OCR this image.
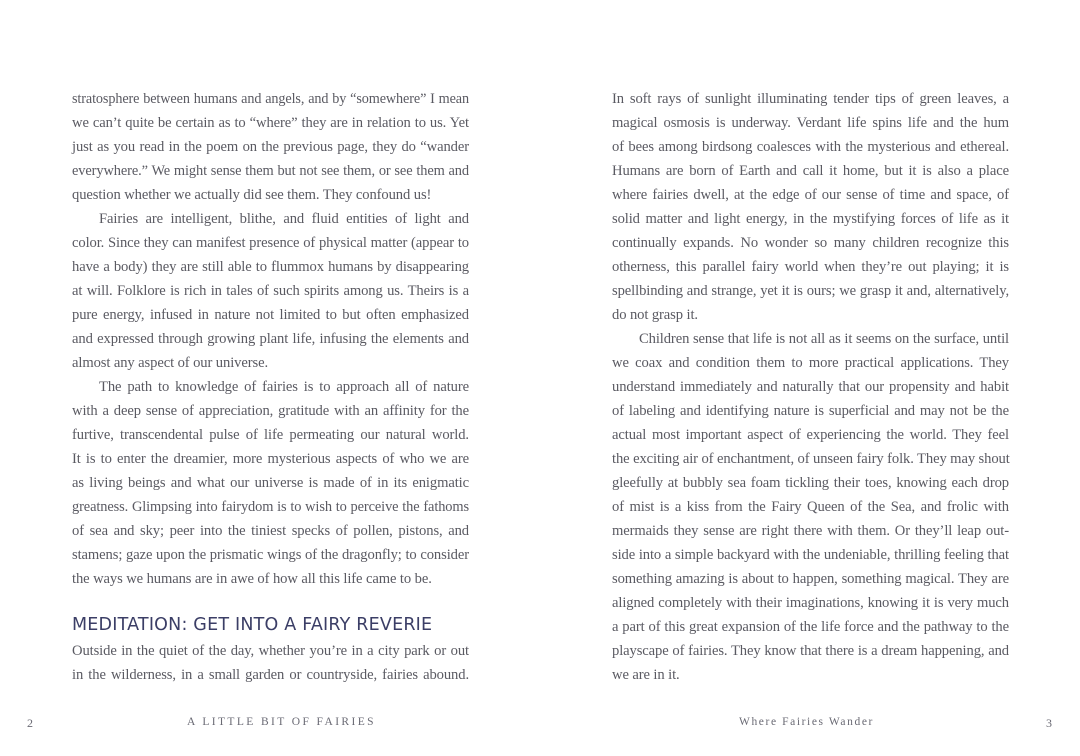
stratosphere between humans and angels, and by “somewhere” I mean
we can’t quite be certain as to “where” they are in relation to us. Yet
just as you read in the poem on the previous page, they do “wander
everywhere.” We might sense them but not see them, or see them and
question whether we actually did see them. They confound us!
Fairies are intelligent, blithe, and fluid entities of light and
color. Since they can manifest presence of physical matter (appear to
have a body) they are still able to flummox humans by disappearing
at will. Folklore is rich in tales of such spirits among us. Theirs is a
pure energy, infused in nature not limited to but often emphasized
and expressed through growing plant life, infusing the elements and
almost any aspect of our universe.
The path to knowledge of fairies is to approach all of nature
with a deep sense of appreciation, gratitude with an affinity for the
furtive, transcendental pulse of life permeating our natural world.
It is to enter the dreamier, more mysterious aspects of who we are
as living beings and what our universe is made of in its enigmatic
greatness. Glimpsing into fairydom is to wish to perceive the fathoms
of sea and sky; peer into the tiniest specks of pollen, pistons, and
stamens; gaze upon the prismatic wings of the dragonfly; to consider
the ways we humans are in awe of how all this life came to be.
MEDITATION: GET INTO A FAIRY REVERIE
Outside in the quiet of the day, whether you’re in a city park or out
in the wilderness, in a small garden or countryside, fairies abound.
2	A LITTLE BIT OF FAIRIES
In soft rays of sunlight illuminating tender tips of green leaves, a
magical osmosis is underway. Verdant life spins life and the hum
of bees among birdsong coalesces with the mysterious and ethereal.
Humans are born of Earth and call it home, but it is also a place
where fairies dwell, at the edge of our sense of time and space, of
solid matter and light energy, in the mystifying forces of life as it
continually expands. No wonder so many children recognize this
otherness, this parallel fairy world when they’re out playing; it is
spellbinding and strange, yet it is ours; we grasp it and, alternatively,
do not grasp it.
Children sense that life is not all as it seems on the surface, until
we coax and condition them to more practical applications. They
understand immediately and naturally that our propensity and habit
of labeling and identifying nature is superficial and may not be the
actual most important aspect of experiencing the world. They feel
the exciting air of enchantment, of unseen fairy folk. They may shout
gleefully at bubbly sea foam tickling their toes, knowing each drop
of mist is a kiss from the Fairy Queen of the Sea, and frolic with
mermaids they sense are right there with them. Or they’ll leap out-
side into a simple backyard with the undeniable, thrilling feeling that
something amazing is about to happen, something magical. They are
aligned completely with their imaginations, knowing it is very much
a part of this great expansion of the life force and the pathway to the
playscape of fairies. They know that there is a dream happening, and
we are in it.
Where Fairies Wander	3
